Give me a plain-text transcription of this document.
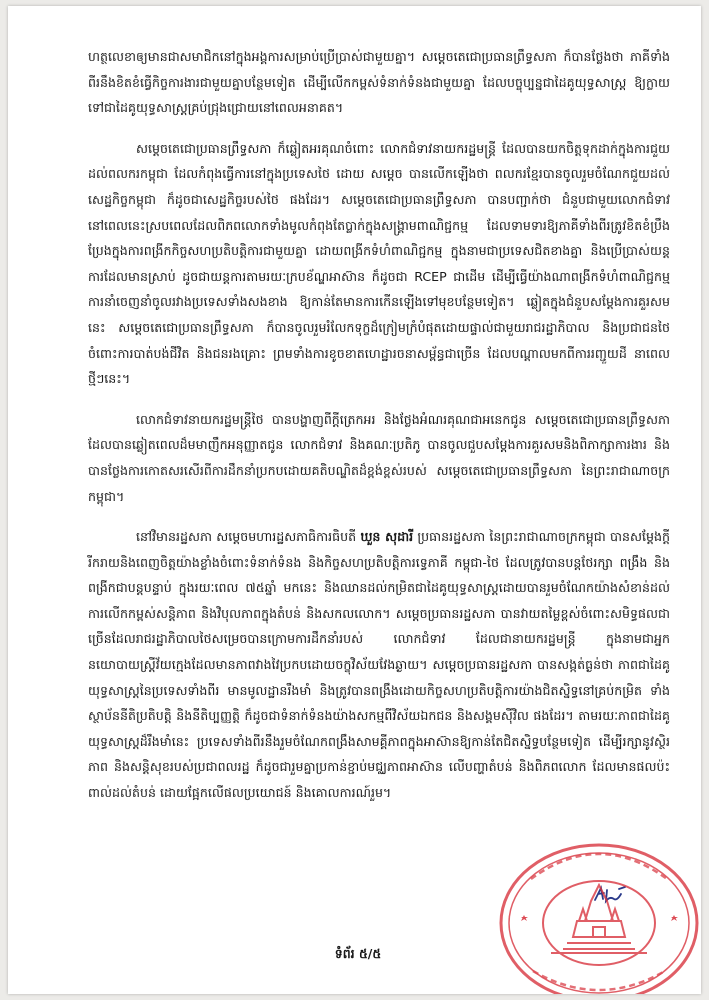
ហត្ថលេខាឲ្យមានជាសមាជិកនៅក្នុងអង្គការសម្រាប់ប្រើប្រាស់ជាមួយគ្នា។ សម្តេចតេជោប្រធានព្រឹទ្ធសភា ក៏បានថ្លែងថា ភាគីទាំងពីរនឹងខិតខំធ្វើកិច្ចការងារជាមួយគ្នាបន្ថែមទៀត ដើម្បីលើកកម្ពស់ទំនាក់ទំនងជាមួយគ្នា ដែលបច្ចុប្បន្នជាដៃគូយុទ្ធសាស្រ្ត ឱ្យក្លាយទៅជាដៃគូយុទ្ធសាស្រ្តគ្រប់ជ្រុងជ្រោយនៅពេលអនាគត។

សម្តេចតេជោប្រធានព្រឹទ្ធសភា ក៏ឆ្លៀតអរគុណចំពោះ លោកជំទាវនាយករដ្ឋមន្ត្រី ដែលបានយកចិត្តទុកដាក់ក្នុងការជួយដល់ពលករកម្ពុជា ដែលកំពុងធ្វើការនៅក្នុងប្រទេសថៃ ដោយ សម្តេច បានលើកឡើងថា ពលករខ្មែរបានចូលរួមចំណែកជួយដល់សេដ្ឋកិច្ចកម្ពុជា ក៏ដូចជាសេដ្ឋកិច្ចរបស់ថៃ ផងដែរ។ សម្តេចតេជោប្រធានព្រឹទ្ធសភា បានបញ្ជាក់ថា ជំនួបជាមួយលោកជំទាវនៅពេលនេះស្របពេលដែលពិភពលោកទាំងមូលកំពុងតែប្លាក់ក្នុងសង្គ្រាមពាណិជ្ជកម្ម ដែលទាមទារឱ្យភាគីទាំងពីរត្រូវខិតខំប្រឹងប្រែងក្នុងការពង្រីកកិច្ចសហប្រតិបត្តិការជាមួយគ្នា ដោយពង្រីកទំហំពាណិជ្ជកម្ម ក្នុងនាមជាប្រទេសជិតខាងគ្នា និងប្រើប្រាស់យន្តការដែលមានស្រាប់ ដូចជាយន្តការតាមរយៈក្របខ័ណ្ឌអាស៊ាន ក៏ដូចជា RCEP ជាដើម ដើម្បីធ្វើយ៉ាងណាពង្រីកទំហំពាណិជ្ជកម្ម ការនាំចេញនាំចូលរវាងប្រទេសទាំងសងខាង ឱ្យកាន់តែមានការកើនឡើងទៅមុខបន្ថែមទៀត។ ឆ្លៀតក្នុងជំនួបសម្តែងការគួរសមនេះ សម្តេចតេជោប្រធានព្រឹទ្ធសភា ក៏បានចូលរួមរំលែកទុក្ខដ៏ក្រៀមក្រំបំផុតដោយផ្ទាល់ជាមួយរាជរដ្ឋាភិបាល និងប្រជាជនថៃ ចំពោះការបាត់បង់ជីវិត និងជនរងគ្រោះ ព្រមទាំងការខូចខាតហេដ្ឋារចនាសម្ព័ន្ធជាច្រើន ដែលបណ្តាលមកពីការរញ្ជួយដី នាពេលថ្មីៗនេះ។

លោកជំទាវនាយករដ្ឋមន្ត្រីថៃ បានបង្ហាញពីក្តីត្រេកអរ និងថ្លែងអំណរគុណជាអនេកជូន សម្តេចតេជោប្រធានព្រឹទ្ធសភា ដែលបានឆ្លៀតពេលដ៏មមាញឹកអនុញ្ញាតជូន លោកជំទាវ និងគណៈប្រតិភូ បានចូលជួបសម្តែងការគួរសមនិងពិភាក្សាការងារ និងបានថ្លែងការកោតសរសើរពីការដឹកនាំប្រកបដោយគតិបណ្ឌិតដ៏ខ្ពង់ខ្ពស់របស់ សម្តេចតេជោប្រធានព្រឹទ្ធសភា នៃព្រះរាជាណាចក្រកម្ពុជា។

នៅវិមានរដ្ឋសភា សម្តេចមហារដ្ឋសភាធិការធិបតី ឃួន សុដារី ប្រធានរដ្ឋសភា នៃព្រះរាជាណាចក្រកម្ពុជា បានសម្តែងក្តីរីករាយនិងពេញចិត្តយ៉ាងខ្លាំងចំពោះទំនាក់ទំនង និងកិច្ចសហប្រតិបត្តិការទ្វេភាគី កម្ពុជា-ថៃ ដែលត្រូវបានបន្តថែរក្សា ពង្រឹង និងពង្រីកជាបន្តបន្ទាប់ ក្នុងរយៈពេល ៧៥ឆ្នាំ មកនេះ និងឈានដល់កម្រិតជាដៃគូយុទ្ធសាស្រ្តដោយបានរួមចំណែកយ៉ាងសំខាន់ដល់ការលើកកម្ពស់សន្តិភាព និងវិបុលភាពក្នុងតំបន់ និងសកលលោក។ សម្តេចប្រធានរដ្ឋសភា បានវាយតម្លៃខ្ពស់ចំពោះសមិទ្ធផលជាច្រើនដែលរាជរដ្ឋាភិបាលថៃសម្រេចបានក្រោមការដឹកនាំរបស់ លោកជំទាវ ដែលជានាយករដ្ឋមន្ត្រី ក្នុងនាមជាអ្នកនយោបាយស្រ្តីវ័យក្មេងដែលមានភាពវាងវៃប្រកបដោយចក្ខុវិស័យវែងឆ្ងាយ។ សម្តេចប្រធានរដ្ឋសភា បានសង្កត់ធ្ងន់ថា ភាពជាដៃគូយុទ្ធសាស្រ្តនៃប្រទេសទាំងពីរ មានមូលដ្ឋានរឹងមាំ និងត្រូវបានពង្រឹងដោយកិច្ចសហប្រតិបត្តិការយ៉ាងជិតស្និទ្ធនៅគ្រប់កម្រិត ទាំងស្ថាប័ននីតិប្រតិបត្តិ និងនីតិប្បញ្ញត្តិ ក៏ដូចជាទំនាក់ទំនងយ៉ាងសកម្មពីវិស័យឯកជន និងសង្គមស៊ីវិល ផងដែរ។ តាមរយៈភាពជាដៃគូយុទ្ធសាស្រ្តដ៏រឹងមាំនេះ ប្រទេសទាំងពីរនឹងរួមចំណែកពង្រឹងសាមគ្គីភាពក្នុងអាស៊ានឱ្យកាន់តែជិតស្និទ្ធបន្ថែមទៀត ដើម្បីរក្សានូវស្ថិរភាព និងសន្តិសុខរបស់ប្រជាពលរដ្ឋ ក៏ដូចជារួមគ្នាប្រកាន់ខ្ជាប់មជ្ឈភាពអាស៊ាន លើបញ្ហាតំបន់ និងពិភពលោក ដែលមានផលប៉ះពាល់ដល់តំបន់ ដោយផ្អែកលើផលប្រយោជន៍ និងគោលការណ៍រួម។

ទំព័រ ៥/៥
